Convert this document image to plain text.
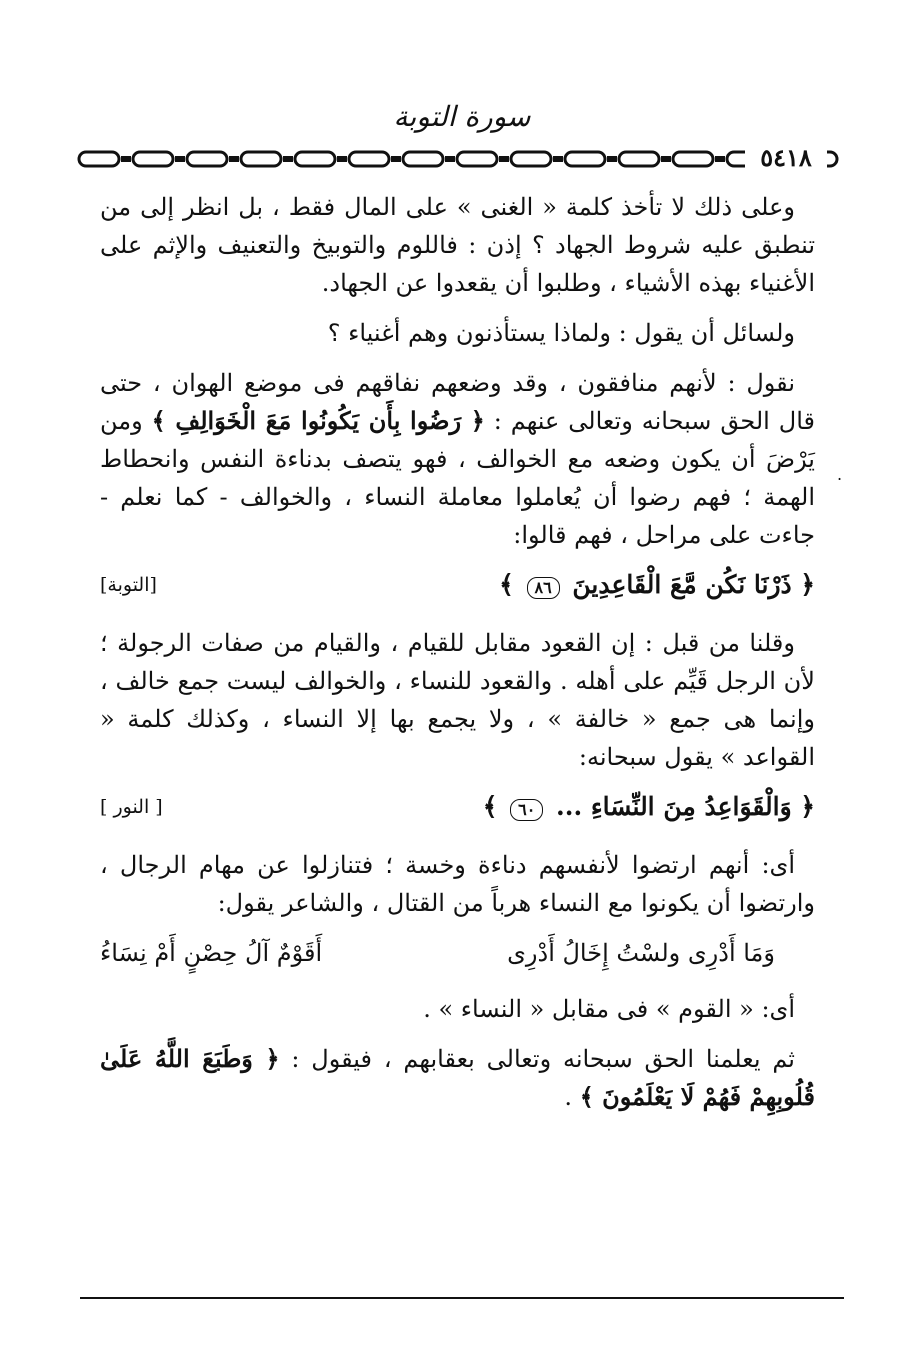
سورة التوبة
٥٤١٨
.

وعلى ذلك لا تأخذ كلمة « الغنى » على المال فقط ، بل انظر إلى من تنطبق عليه شروط الجهاد ؟ إذن : فاللوم والتوبيخ والتعنيف والإثم على الأغنياء بهذه الأشياء ، وطلبوا أن يقعدوا عن الجهاد.

ولسائل أن يقول : ولماذا يستأذنون وهم أغنياء ؟

نقول : لأنهم منافقون ، وقد وضعهم نفاقهم فى موضع الهوان ، حتى قال الحق سبحانه وتعالى عنهم : ﴿ رَضُوا بِأَن يَكُونُوا مَعَ الْخَوَالِفِ ﴾ ومن يَرْضَ أن يكون وضعه مع الخوالف ، فهو يتصف بدناءة النفس وانحطاط الهمة ؛ فهم رضوا أن يُعاملوا معاملة النساء ، والخوالف - كما نعلم - جاءت على مراحل ، فهم قالوا:

﴿ ذَرْنَا نَكُن مَّعَ الْقَاعِدِينَ ٨٦ ﴾
[التوبة]

وقلنا من قبل : إن القعود مقابل للقيام ، والقيام من صفات الرجولة ؛ لأن الرجل قَيِّم على أهله . والقعود للنساء ، والخوالف ليست جمع خالف ، وإنما هى جمع « خالفة » ، ولا يجمع بها إلا النساء ، وكذلك كلمة « القواعد » يقول سبحانه:

﴿ وَالْقَوَاعِدُ مِنَ النِّسَاءِ ... ٦٠ ﴾
[ النور ]

أى: أنهم ارتضوا لأنفسهم دناءة وخسة ؛ فتنازلوا عن مهام الرجال ، وارتضوا أن يكونوا مع النساء هرباً من القتال ، والشاعر يقول:

وَمَا أَدْرِى ولسْتُ إِخَالُ أَدْرِى
أَقَوْمٌ آلُ حِصْنٍ أَمْ نِسَاءُ

أى: « القوم » فى مقابل « النساء » .

ثم يعلمنا الحق سبحانه وتعالى بعقابهم ، فيقول : ﴿ وَطَبَعَ اللَّهُ عَلَىٰ قُلُوبِهِمْ فَهُمْ لَا يَعْلَمُونَ ﴾ .
